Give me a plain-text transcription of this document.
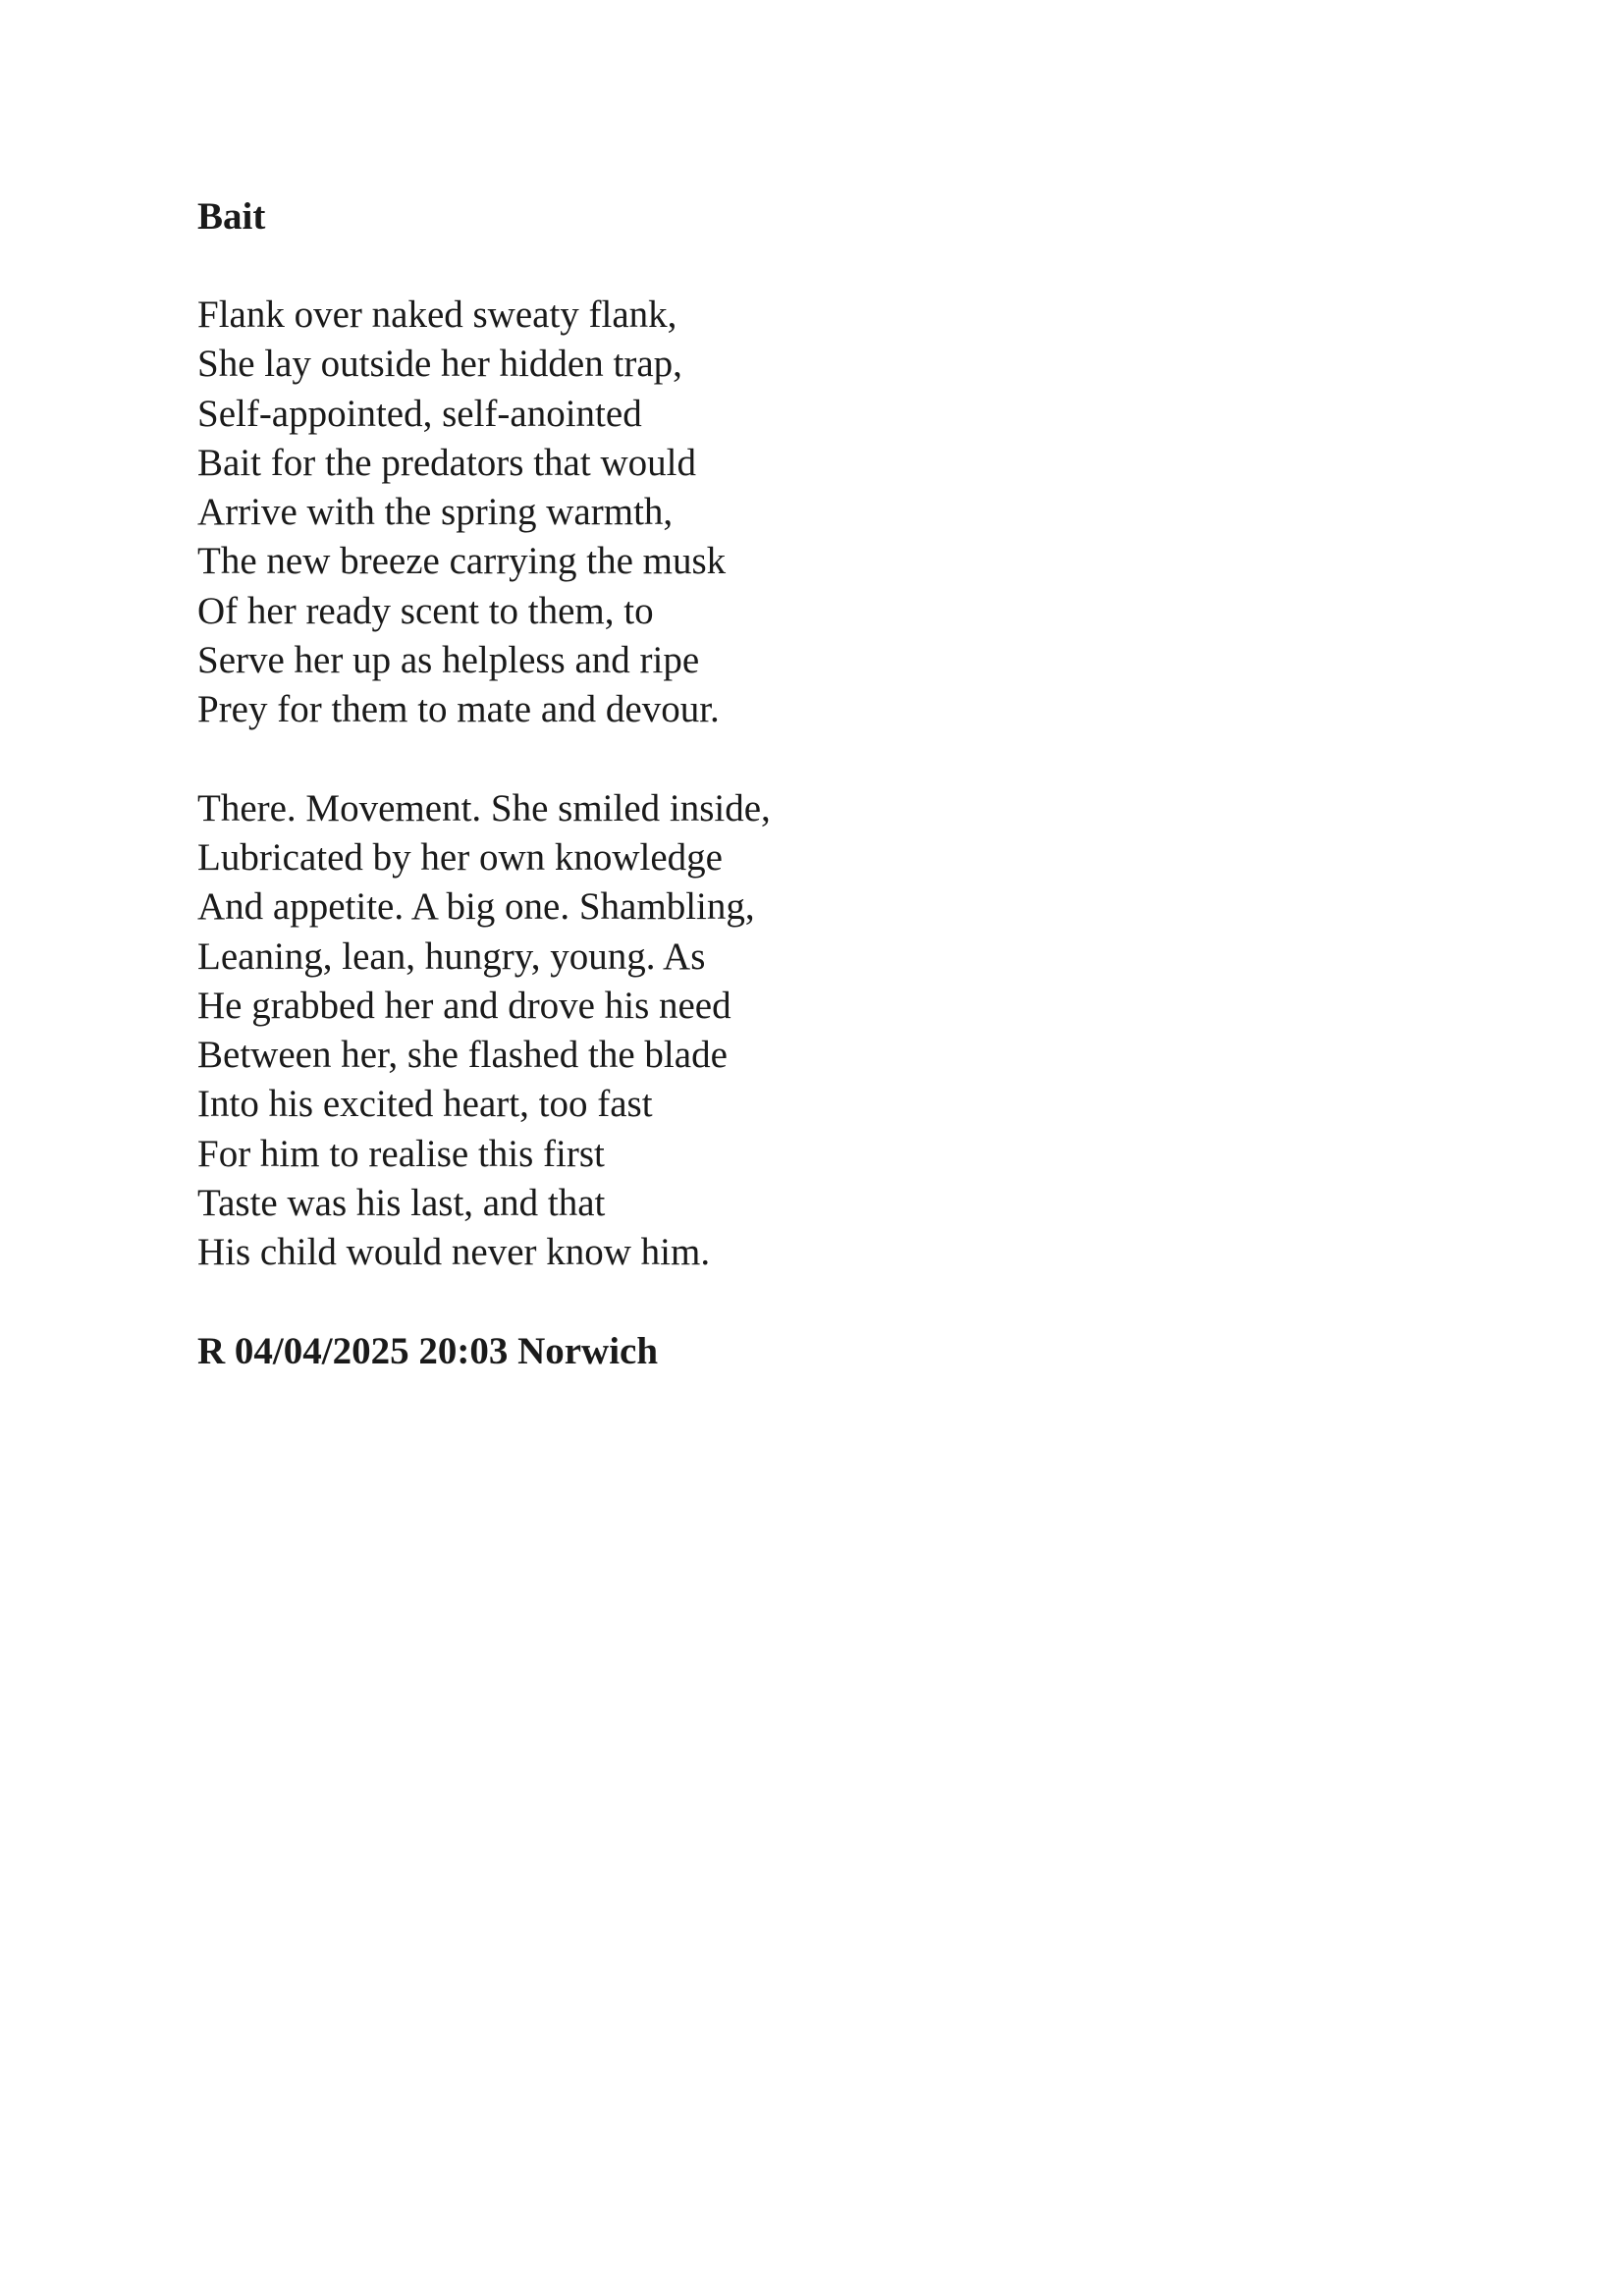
Bait
Flank over naked sweaty flank,
She lay outside her hidden trap,
Self-appointed, self-anointed
Bait for the predators that would
Arrive with the spring warmth,
The new breeze carrying the musk
Of her ready scent to them, to
Serve her up as helpless and ripe
Prey for them to mate and devour.
There. Movement. She smiled inside,
Lubricated by her own knowledge
And appetite. A big one. Shambling,
Leaning, lean, hungry, young. As
He grabbed her and drove his need
Between her, she flashed the blade
Into his excited heart, too fast
For him to realise this first
Taste was his last, and that
His child would never know him.
R 04/04/2025 20:03 Norwich
